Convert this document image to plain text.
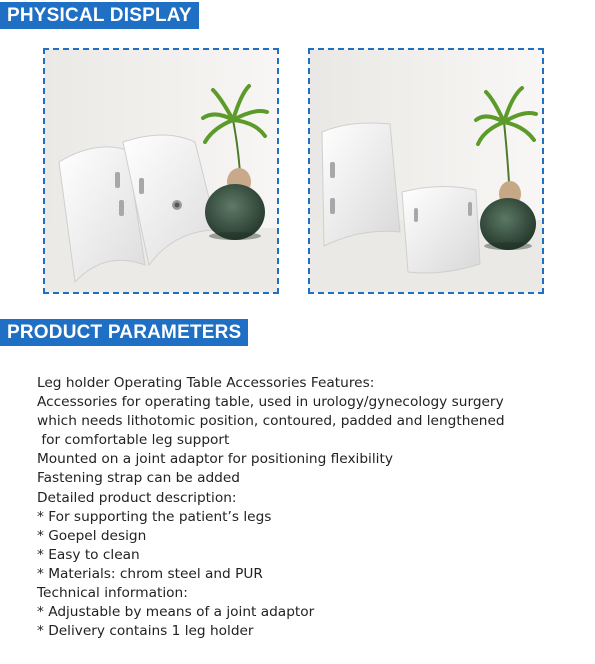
PHYSICAL DISPLAY
PRODUCT PARAMETERS
Leg holder Operating Table Accessories Features:
Accessories for operating table, used in urology/gynecology surgery
which needs lithotomic position, contoured, padded and lengthened
for comfortable leg support
Mounted on a joint adaptor for positioning flexibility
Fastening strap can be added
Detailed product description:
* For supporting the patient’s legs
* Goepel design
* Easy to clean
* Materials: chrom steel and PUR
Technical information:
* Adjustable by means of a joint adaptor
* Delivery contains 1 leg holder
